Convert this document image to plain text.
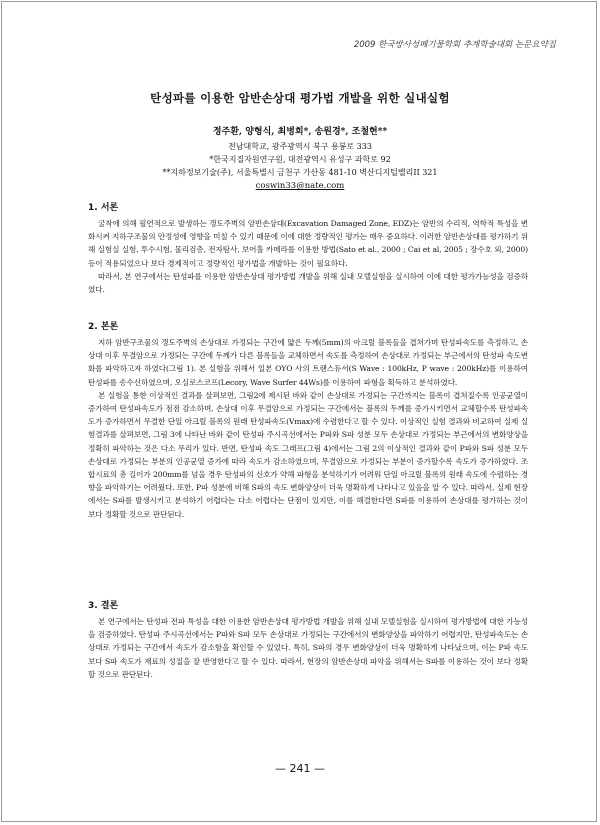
2009 한국방사성폐기물학회 추계학술대회 논문요약집
탄성파를 이용한 암반손상대 평가법 개발을 위한 실내실험
정주환, 양형식, 최병희*, 송원경*, 조철현**
전남대학교, 광주광역시 북구 용봉로 333
*한국지질자원연구원, 대전광역시 유성구 과학로 92
**지하정보기술(주), 서울특별시 금천구 가산동 481-10 벽산디지털밸리II 321
coswin33@nate.com
1. 서론

굴착에 의해 필연적으로 발생하는 갱도주벽의 암반손상대(Excavation Damaged Zone, EDZ)는 암반의 수리적, 역학적 특성을 변화시켜 지하구조물의 안정성에 영향을 미칠 수 있기 때문에 이에 대한 정량적인 평가는 매우 중요하다. 이러한 암반손상대를 평가하기 위해 실험실 실험, 투수시험, 물리검층, 전자탐사, 보어홀 카메라를 이용한 방법(Sato et al., 2000 ; Cai et al, 2005 ; 장수호 외, 2000)등이 적용되었으나 보다 경제적이고 정량적인 평가법을 개발하는 것이 필요하다.

따라서, 본 연구에서는 탄성파를 이용한 암반손상대 평가방법 개발을 위해 실내 모델실험을 실시하여 이에 대한 평가가능성을 검증하였다.

2. 본론

지하 암반구조물의 갱도주벽의 손상대로 가정되는 구간에 얇은 두께(5mm)의 아크릴 블록들을 겹쳐가며 탄성파속도를 측정하고, 손상대 이후 무결암으로 가정되는 구간에 두께가 다른 블록들을 교체하면서 속도를 측정하여 손상대로 가정되는 부근에서의 탄성파 속도변화를 파악하고자 하였다(그림 1). 본 실험을 위해서 일본 OYO 사의 트랜스듀서(S Wave : 100kHz, P wave : 200kHz)를 이용하여 탄성파를 송수신하였으며, 오실로스코프(Lecory, Wave Surfer 44Ws)를 이용하여 파형을 획득하고 분석하였다.

본 실험을 통한 이상적인 결과를 살펴보면, 그림2에 제시된 바와 같이 손상대로 가정되는 구간까지는 블록이 겹쳐질수록 인공균열이 증가하여 탄성파속도가 점점 감소하며, 손상대 이후 무결암으로 가정되는 구간에서는 블록의 두께를 증가시키면서 교체할수록 탄성파속도가 증가하면서 무결한 단일 아크릴 블록의 원래 탄성파속도(Vmax)에 수렴한다고 할 수 있다. 이상적인 실험 결과와 비교하여 실제 실험결과를 살펴보면, 그림 3에 나타난 바와 같이 탄성파 주시곡선에서는 P파와 S파 성분 모두 손상대로 가정되는 부근에서의 변화양상을 정확히 파악하는 것은 다소 무리가 있다. 반면, 탄성파 속도 그래프(그림 4)에서는 그림 2의 이상적인 결과와 같이 P파와 S파 성분 모두 손상대로 가정되는 부분의 인공균열 증가에 따라 속도가 감소하였으며, 무결암으로 가정되는 부분이 증가할수록 속도가 증가하였다. 조합시료의 총 길이가 200mm를 넘을 경우 탄성파의 신호가 약해 파형을 분석하기가 어려워 단일 아크릴 블록의 원래 속도에 수렴하는 경향을 파악하기는 어려웠다. 또한, P파 성분에 비해 S파의 속도 변화양상이 더욱 명확하게 나타나고 있음을 알 수 있다. 따라서, 실제 현장에서는 S파를 발생시키고 분석하기 어렵다는 다소 어렵다는 단점이 있지만, 이를 해결한다면 S파를 이용하여 손상대를 평가하는 것이 보다 정확할 것으로 판단된다.

3. 결론

본 연구에서는 탄성파 전파 특성을 대한 이용한 암반손상대 평가방법 개발을 위해 실내 모델실험을 실시하여 평가방법에 대한 가능성을 검증하였다. 탄성파 주시곡선에서는 P파와 S파 모두 손상대로 가정되는 구간에서의 변화양상을 파악하기 어렵지만, 탄성파속도는 손상대로 가정되는 구간에서 속도가 감소함을 확인할 수 있었다. 특히, S파의 경우 변화양상이 더욱 명확하게 나타났으며, 이는 P파 속도 보다 S파 속도가 재료의 성질을 잘 반영한다고 할 수 있다. 따라서, 현장의 암반손상대 파악을 위해서는 S파를 이용하는 것이 보다 정확할 것으로 판단된다.

— 241 —
